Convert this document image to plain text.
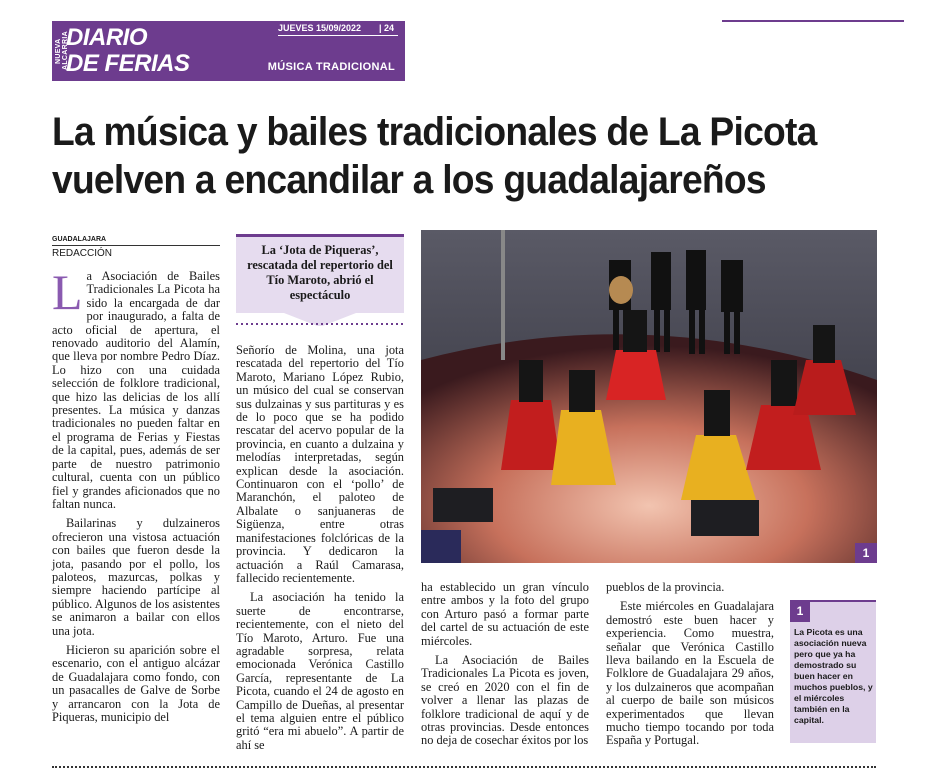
NUEVA ALCARRIA
DIARIO
DE FERIAS
JUEVES 15/09/2022 | 24
MÚSICA TRADICIONAL
La música y bailes tradicionales de La Picota
vuelven a encandilar a los guadalajareños
GUADALAJARA
REDACCIÓN

La Asociación de Bailes Tradicionales La Picota ha sido la encargada de dar por inaugurado, a falta de acto oficial de apertura, el renovado auditorio del Alamín, que lleva por nombre Pedro Díaz. Lo hizo con una cuidada selección de folklore tradicional, que hizo las delicias de los allí presentes. La música y danzas tradicionales no pueden faltar en el programa de Ferias y Fiestas de la capital, pues, además de ser parte de nuestro patrimonio cultural, cuenta con un público fiel y grandes aficionados que no faltan nunca.

Bailarinas y dulzaineros ofrecieron una vistosa actuación con bailes que fueron desde la jota, pasando por el pollo, los paloteos, mazurcas, polkas y siempre haciendo partícipe al público. Algunos de los asistentes se animaron a bailar con ellos una jota.

Hicieron su aparición sobre el escenario, con el antiguo alcázar de Guadalajara como fondo, con un pasacalles de Galve de Sorbe y arrancaron con la Jota de Piqueras, municipio del

La ‘Jota de Piqueras’, rescatada del repertorio del Tío Maroto, abrió el espectáculo

Señorío de Molina, una jota rescatada del repertorio del Tío Maroto, Mariano López Rubio, un músico del cual se conservan sus dulzainas y sus partituras y es de lo poco que se ha podido rescatar del acervo popular de la provincia, en cuanto a dulzaina y melodías interpretadas, según explican desde la asociación. Continuaron con el ‘pollo’ de Maranchón, el paloteo de Albalate o sanjuaneras de Sigüenza, entre otras manifestaciones folclóricas de la provincia. Y dedicaron la actuación a Raúl Camarasa, fallecido recientemente.

La asociación ha tenido la suerte de encontrarse, recientemente, con el nieto del Tío Maroto, Arturo. Fue una agradable sorpresa, relata emocionada Verónica Castillo García, representante de La Picota, cuando el 24 de agosto en Campillo de Dueñas, al presentar el tema alguien entre el público gritó “era mi abuelo”. A partir de ahí se

1

ha establecido un gran vínculo entre ambos y la foto del grupo con Arturo pasó a formar parte del cartel de su actuación de este miércoles.

La Asociación de Bailes Tradicionales La Picota es joven, se creó en 2020 con el fin de volver a llenar las plazas de folklore tradicional de aquí y de otras provincias. Desde entonces no deja de cosechar éxitos por los

pueblos de la provincia.

Este miércoles en Guadalajara demostró este buen hacer y experiencia. Como muestra, señalar que Verónica Castillo lleva bailando en la Escuela de Folklore de Guadalajara 29 años, y los dulzaineros que acompañan al cuerpo de baile son músicos experimentados que llevan mucho tiempo tocando por toda España y Portugal.

1
La Picota es una asociación nueva pero que ya ha demostrado su buen hacer en muchos pueblos, y el miércoles también en la capital.
